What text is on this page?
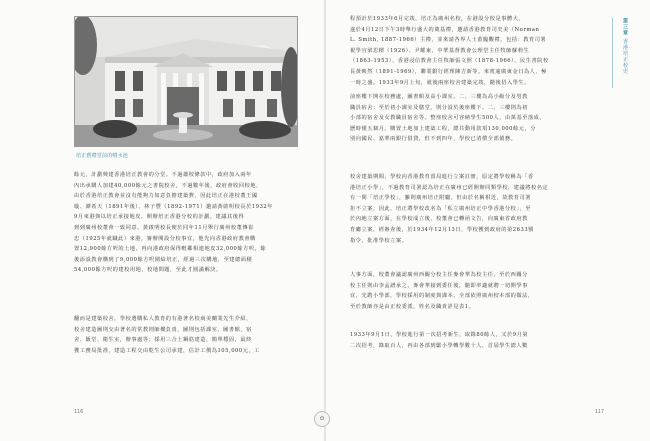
培正舊禮堂前的噴水池
餘元，計劃興建香港培正教會的分堂。不過蕭校條款中，政府加入兩年
內出承購人加建40,000餘元之書院校舍，不過數年後，政府會收回校地，
由於香港培正教會並沒有能夠力如意負擔建築費，因此培正在港校董王國
璇、譚希天（1891年後）、林子豐（1892-1971）邀請黃啟明校長於1932年
9月來港與以培正承接地皮，開辦培正香港分校的計劃。建議其後得
到到廣州校董會一致同意。黃啟明校長便於同年11月舉行廣州校董傳崔
忠（1925年就職此）來港，審辦開設分校事宜，他先向香港政府教會購
置12,900餘方呎的土地，再向港政府保得毗鄰相連地皮32,000餘方呎，餘
後添設教會購到了9,000餘方呎圍給培正，經過三次購地，至建總面積
54,000餘方呎的建校用地，校地問題，至此才圓滿解決。
翻而是建築校舍。學校選購私人教育的有港著名校商美蘭業先生介紹，
校舍建造圖則交由著名的常教則師樓負責，圖則包括課室、圖書館，宿
舍、飯堂、衛生室，辦事處等；採用三合土鋼筋建造，簡單穩固，最終
獲工務局批准，建造工程交由乾生公司承建，估計工價為105,000元，工
116
程預計於1933年6月完竣，培正為廣州名校，在港設分校是事體大，
遂於4月12日下午3時舉行盛大的奠基禮，邀請香港教育司史美（Norman
L. Smith, 1887-1966）主禮，並來請各界人士蒞臨觀禮，包括：教育司署
視學官梁思樑（1926）、尹耀東，中華基督教會公理堂主任牧師蘇莉生
（1863-1953）、香港浸信教會主任牧師張文照（1878-1966），民生書院校
長黃映然（1891-1969），聯業銀行經理陳吉新等。來賓逾廣東金日為人，極
一時之盛。1933年9月上旬，就後兩座校舍建築完竣，隨後招入學生。
前座樓下開在校務處，圖書館及高小課室。二、三樓為高小級分及男教
職員宿舍；至於初小課室及膳堂，則分設於後座樓下。二、三樓則為初
小部的宿舍及女教職員宿舍等。整座校舍可容納學生500人，由萬基至落成，
歷時僅五個月。購置土地加上建築工程，總共動用款項130,000餘元，分
別向國民、嘉華兩銀行借貸，但不到四年，學校已清償全部債務。
校舍建築期間，學校向香港教育當局進行立案註冊，原定將學校稱為「香
港培正小學」，不過教育司署認為培正在廣州已經開辦同類學校，建議將校名定
有一間「培正學校」，雖則廣州培正附屬，但由於名稱相近，故教育司署
拒不立案，因此，培正將學校改名為「私立廣州培正中學香港分校」，至
於內地立案方面，在學校成立後，校董會已轉函文告，向廣東省政府教
育廳立案，經審查後，於1934年12月13日，學校獲到政府的第2633號
指令，批准學校立案。
人事方面，校董會議認廣州西關分校主任麥會華為校主任，至於西關分
校主任則由李孟譜承之，麥會華接到委任後，隨即率適就聘一切開學事
宜，先聘小學部，學校採用的制度與課本，全部依照廣州校本部的做法，
至於教師亦是由正校委派，姓名及職責詳見表1。
1933年9月1日，學校進行第一次招考新生，取錄80餘人，又於9月第
二次招考，錄取百人，再由各部到獻小學轉學數十人，首屆學生總人數
117
第三章 香港培正校史
✿
